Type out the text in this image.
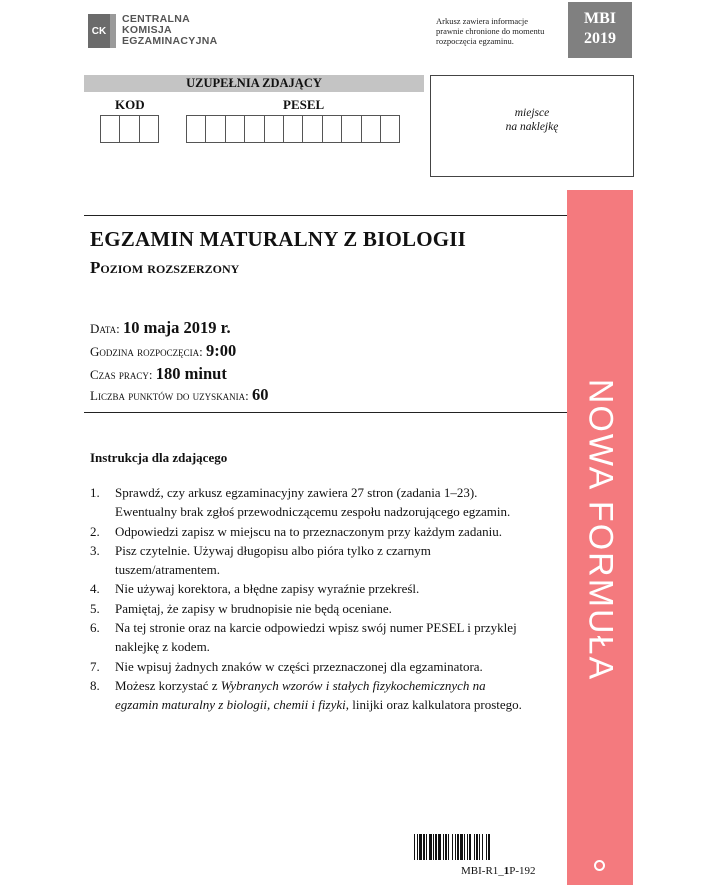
CK
CENTRALNA
KOMISJA
EGZAMINACYJNA
Arkusz zawiera informacje prawnie chronione do momentu rozpoczęcia egzaminu.
MBI
2019
UZUPEŁNIA ZDAJĄCY
KOD	PESEL
miejsce
na naklejkę
EGZAMIN MATURALNY Z BIOLOGII
Poziom rozszerzony
Data: 10 maja 2019 r.
Godzina rozpoczęcia: 9:00
Czas pracy: 180 minut
Liczba punktów do uzyskania: 60
Instrukcja dla zdającego
1. Sprawdź, czy arkusz egzaminacyjny zawiera 27 stron (zadania 1–23). Ewentualny brak zgłoś przewodniczącemu zespołu nadzorującego egzamin.
2. Odpowiedzi zapisz w miejscu na to przeznaczonym przy każdym zadaniu.
3. Pisz czytelnie. Używaj długopisu albo pióra tylko z czarnym tuszem/atramentem.
4. Nie używaj korektora, a błędne zapisy wyraźnie przekreśl.
5. Pamiętaj, że zapisy w brudnopisie nie będą oceniane.
6. Na tej stronie oraz na karcie odpowiedzi wpisz swój numer PESEL i przyklej naklejkę z kodem.
7. Nie wpisuj żadnych znaków w części przeznaczonej dla egzaminatora.
8. Możesz korzystać z Wybranych wzorów i stałych fizykochemicznych na egzamin maturalny z biologii, chemii i fizyki, linijki oraz kalkulatora prostego.
NOWA FORMUŁA
MBI-R1_1P-192
